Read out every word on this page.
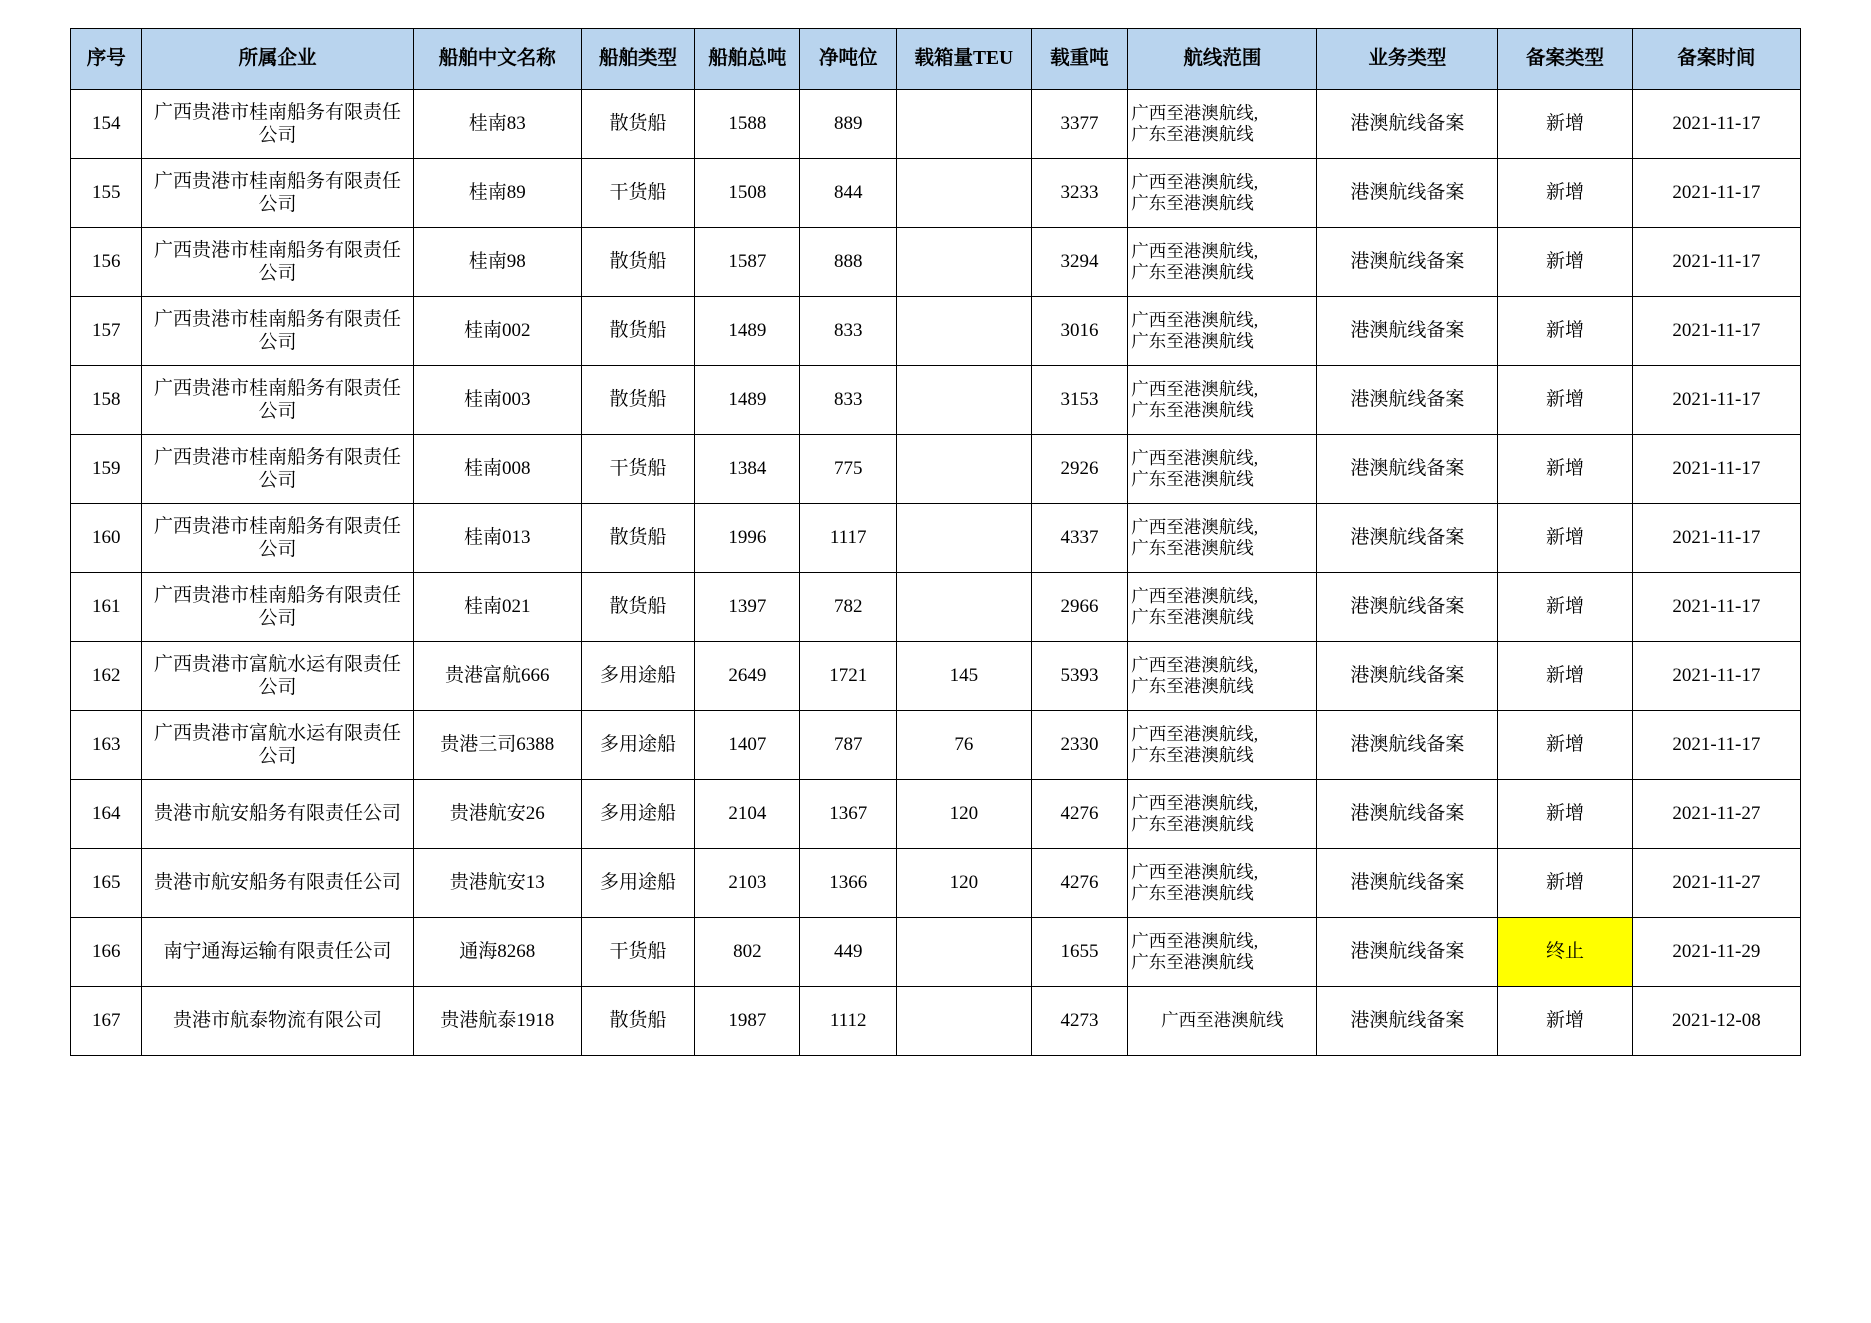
序号	所属企业	船舶中文名称	船舶类型	船舶总吨	净吨位	载箱量TEU	载重吨	航线范围	业务类型	备案类型	备案时间
154	广西贵港市桂南船务有限责任公司	桂南83	散货船	1588	889		3377	广西至港澳航线,
广东至港澳航线	港澳航线备案	新增	2021-11-17
155	广西贵港市桂南船务有限责任公司	桂南89	干货船	1508	844		3233	广西至港澳航线,
广东至港澳航线	港澳航线备案	新增	2021-11-17
156	广西贵港市桂南船务有限责任公司	桂南98	散货船	1587	888		3294	广西至港澳航线,
广东至港澳航线	港澳航线备案	新增	2021-11-17
157	广西贵港市桂南船务有限责任公司	桂南002	散货船	1489	833		3016	广西至港澳航线,
广东至港澳航线	港澳航线备案	新增	2021-11-17
158	广西贵港市桂南船务有限责任公司	桂南003	散货船	1489	833		3153	广西至港澳航线,
广东至港澳航线	港澳航线备案	新增	2021-11-17
159	广西贵港市桂南船务有限责任公司	桂南008	干货船	1384	775		2926	广西至港澳航线,
广东至港澳航线	港澳航线备案	新增	2021-11-17
160	广西贵港市桂南船务有限责任公司	桂南013	散货船	1996	1117		4337	广西至港澳航线,
广东至港澳航线	港澳航线备案	新增	2021-11-17
161	广西贵港市桂南船务有限责任公司	桂南021	散货船	1397	782		2966	广西至港澳航线,
广东至港澳航线	港澳航线备案	新增	2021-11-17
162	广西贵港市富航水运有限责任公司	贵港富航666	多用途船	2649	1721	145	5393	广西至港澳航线,
广东至港澳航线	港澳航线备案	新增	2021-11-17
163	广西贵港市富航水运有限责任公司	贵港三司6388	多用途船	1407	787	76	2330	广西至港澳航线,
广东至港澳航线	港澳航线备案	新增	2021-11-17
164	贵港市航安船务有限责任公司	贵港航安26	多用途船	2104	1367	120	4276	广西至港澳航线,
广东至港澳航线	港澳航线备案	新增	2021-11-27
165	贵港市航安船务有限责任公司	贵港航安13	多用途船	2103	1366	120	4276	广西至港澳航线,
广东至港澳航线	港澳航线备案	新增	2021-11-27
166	南宁通海运输有限责任公司	通海8268	干货船	802	449		1655	广西至港澳航线,
广东至港澳航线	港澳航线备案	终止	2021-11-29
167	贵港市航泰物流有限公司	贵港航泰1918	散货船	1987	1112		4273	广西至港澳航线	港澳航线备案	新增	2021-12-08
